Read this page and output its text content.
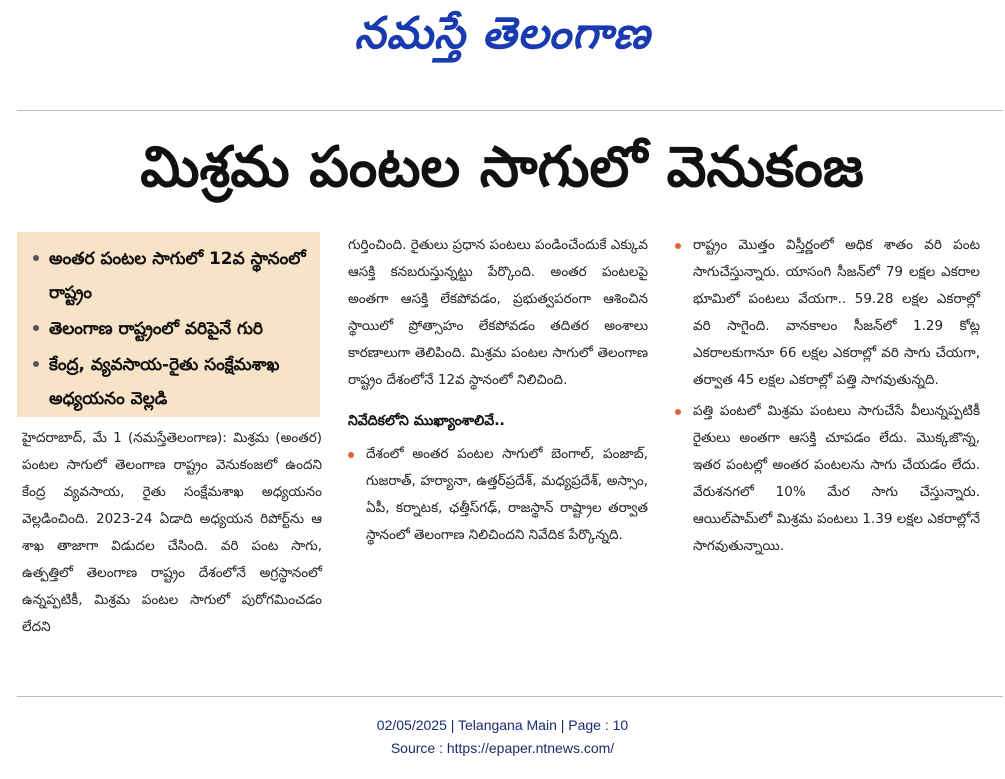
నమస్తే తెలంగాణ
మిశ్రమ పంటల సాగులో వెనుకంజ
అంతర పంటల సాగులో 12వ స్థానంలో రాష్ట్రం
తెలంగాణ రాష్ట్రంలో వరిపైనే గురి
కేంద్ర, వ్యవసాయ-రైతు సంక్షేమశాఖ అధ్యయనం వెల్లడి

హైదరాబాద్, మే 1 (నమస్తేతెలంగాణ): మిశ్రమ (అంతర) పంటల సాగులో తెలంగాణ రాష్ట్రం వెనుకంజలో ఉందని కేంద్ర వ్యవసాయ, రైతు సంక్షేమశాఖ అధ్యయనం వెల్లడించింది. 2023-24 ఏడాది అధ్యయన రిపోర్ట్‌ను ఆ శాఖ తాజాగా విడుదల చేసింది. వరి పంట సాగు, ఉత్పత్తిలో తెలంగాణ రాష్ట్రం దేశంలోనే అగ్రస్థానంలో ఉన్నప్పటికీ, మిశ్రమ పంటల సాగులో పురోగమించడం లేదని

గుర్తించింది. రైతులు ప్రధాన పంటలు పండించేందుకే ఎక్కువ ఆసక్తి కనబరుస్తున్నట్టు పేర్కొంది. అంతర పంటలపై అంతగా ఆసక్తి లేకపోవడం, ప్రభుత్వపరంగా ఆశించిన స్థాయిలో ప్రోత్సాహం లేకపోవడం తదితర అంశాలు కారణాలుగా తెలిపింది. మిశ్రమ పంటల సాగులో తెలంగాణ రాష్ట్రం దేశంలోనే 12వ స్థానంలో నిలిచింది.

నివేదికలోని ముఖ్యాంశాలివే..
దేశంలో అంతర పంటల సాగులో బెంగాల్, పంజాబ్, గుజరాత్, హర్యానా, ఉత్తర్‌ప్రదేశ్, మధ్యప్రదేశ్, అస్సాం, ఏపీ, కర్నాటక, ఛత్తీస్‌గఢ్, రాజస్థాన్ రాష్ట్రాల తర్వాత స్థానంలో తెలంగాణ నిలిచిందని నివేదిక పేర్కొన్నది.
రాష్ట్రం మొత్తం విస్తీర్ణంలో అధిక శాతం వరి పంట సాగుచేస్తున్నారు. యాసంగి సీజన్‌లో 79 లక్షల ఎకరాల భూమిలో పంటలు వేయగా.. 59.28 లక్షల ఎకరాల్లో వరి సాగైంది. వానకాలం సీజన్‌లో 1.29 కోట్ల ఎకరాలకుగానూ 66 లక్షల ఎకరాల్లో వరి సాగు చేయగా, తర్వాత 45 లక్షల ఎకరాల్లో పత్తి సాగవుతున్నది.
పత్తి పంటలో మిశ్రమ పంటలు సాగుచేసే వీలున్నప్పటికీ రైతులు అంతగా ఆసక్తి చూపడం లేదు. మొక్కజొన్న, ఇతర పంటల్లో అంతర పంటలను సాగు చేయడం లేదు. వేరుశనగలో 10% మేర సాగు చేస్తున్నారు. ఆయిల్‌పామ్‌లో మిశ్రమ పంటలు 1.39 లక్షల ఎకరాల్లోనే సాగవుతున్నాయి.
02/05/2025 | Telangana Main | Page : 10
Source : https://epaper.ntnews.com/
